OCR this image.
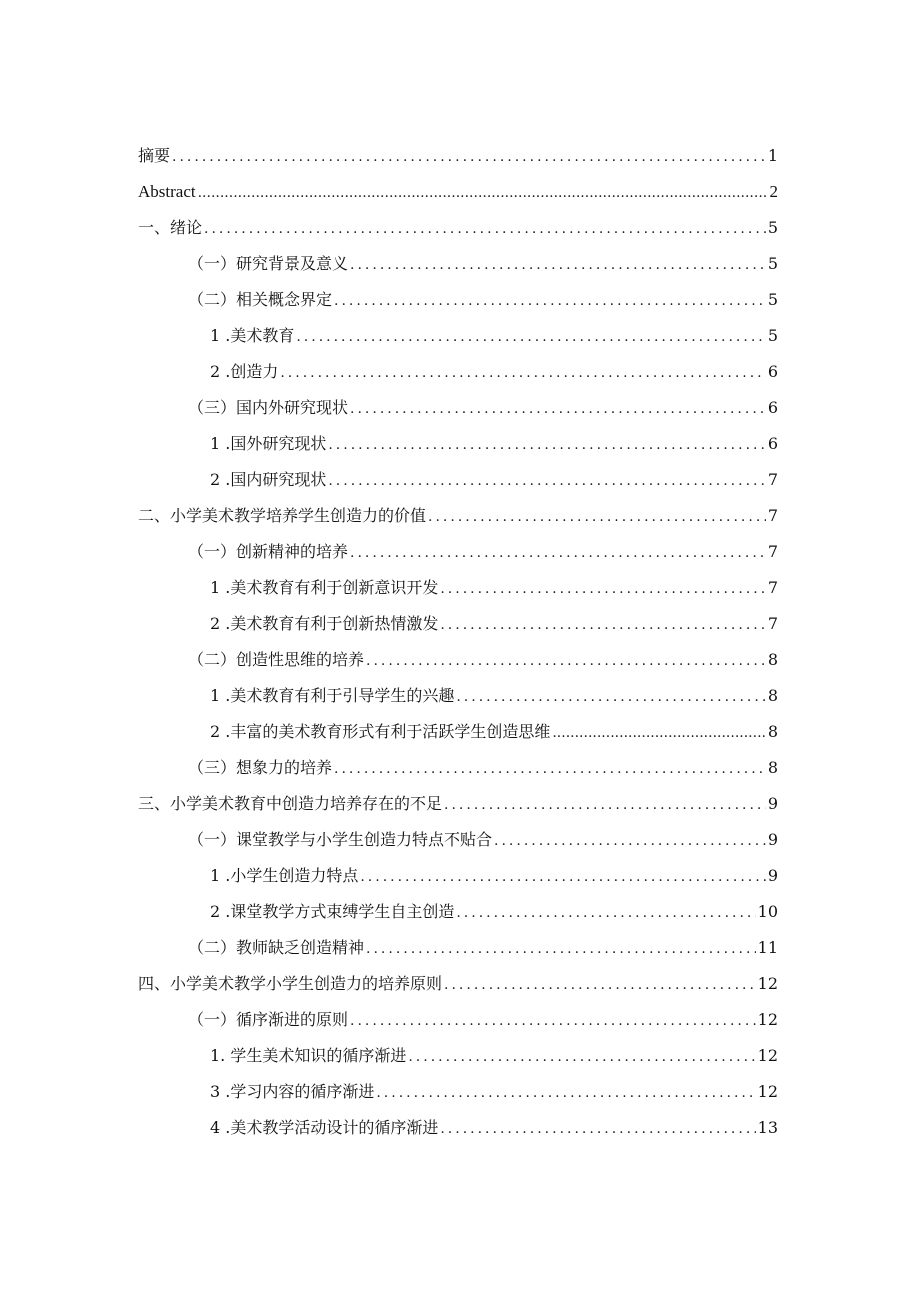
摘要 .....	1
Abstract .....	2
一、绪论 .....	5
（一）研究背景及意义 .....	5
（二）相关概念界定 .....	5
1 .美术教育 .....	5
2 .创造力 .....	6
（三）国内外研究现状 .....	6
1 .国外研究现状 .....	6
2 .国内研究现状 .....	7
二、小学美术教学培养学生创造力的价值 .....	7
（一）创新精神的培养 .....	7
1 .美术教育有利于创新意识开发 .....	7
2 .美术教育有利于创新热情激发 .....	7
（二）创造性思维的培养 .....	8
1 .美术教育有利于引导学生的兴趣 .....	8
2 .丰富的美术教育形式有利于活跃学生创造思维 .....	8
（三）想象力的培养 .....	8
三、小学美术教育中创造力培养存在的不足 .....	9
（一）课堂教学与小学生创造力特点不贴合 .....	9
1 .小学生创造力特点 .....	9
2 .课堂教学方式束缚学生自主创造 .....	10
（二）教师缺乏创造精神 .....	11
四、小学美术教学小学生创造力的培养原则 .....	12
（一）循序渐进的原则 .....	12
1. 学生美术知识的循序渐进 .....	12
3 .学习内容的循序渐进 .....	12
4 .美术教学活动设计的循序渐进 .....	13
